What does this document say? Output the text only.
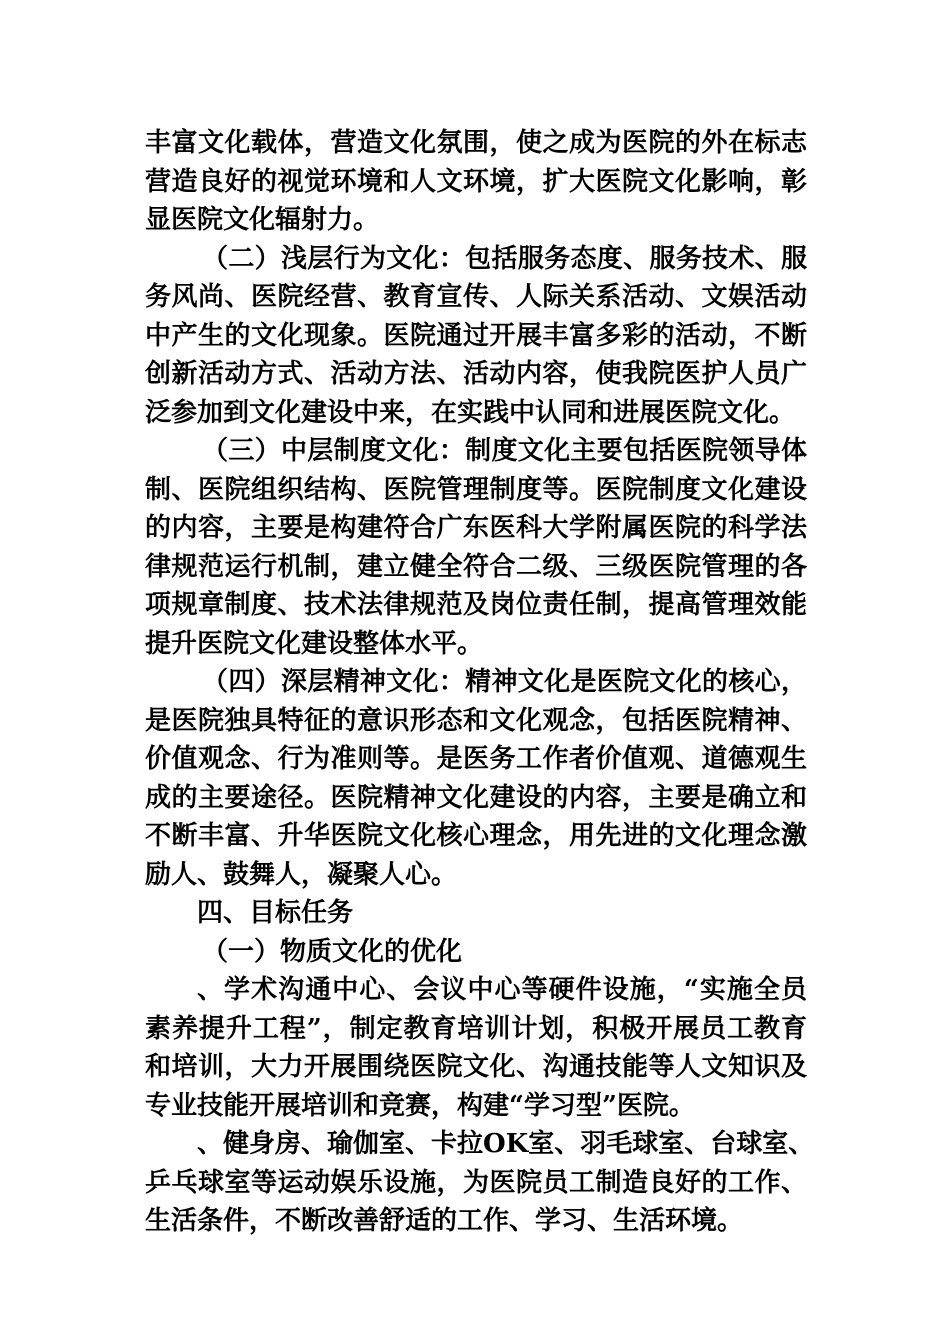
丰富文化载体，营造文化氛围，使之成为医院的外在标志
营造良好的视觉环境和人文环境，扩大医院文化影响，彰
显医院文化辐射力。
（二）浅层行为文化：包括服务态度、服务技术、服
务风尚、医院经营、教育宣传、人际关系活动、文娱活动
中产生的文化现象。医院通过开展丰富多彩的活动，不断
创新活动方式、活动方法、活动内容，使我院医护人员广
泛参加到文化建设中来，在实践中认同和进展医院文化。
（三）中层制度文化：制度文化主要包括医院领导体
制、医院组织结构、医院管理制度等。医院制度文化建设
的内容，主要是构建符合广东医科大学附属医院的科学法
律规范运行机制，建立健全符合二级、三级医院管理的各
项规章制度、技术法律规范及岗位责任制，提高管理效能
提升医院文化建设整体水平。
（四）深层精神文化：精神文化是医院文化的核心，
是医院独具特征的意识形态和文化观念，包括医院精神、
价值观念、行为准则等。是医务工作者价值观、道德观生
成的主要途径。医院精神文化建设的内容，主要是确立和
不断丰富、升华医院文化核心理念，用先进的文化理念激
励人、鼓舞人，凝聚人心。
四、目标任务
（一）物质文化的优化
、学术沟通中心、会议中心等硬件设施，“实施全员
素养提升工程”，制定教育培训计划，积极开展员工教育
和培训，大力开展围绕医院文化、沟通技能等人文知识及
专业技能开展培训和竞赛，构建“学习型”医院。
、健身房、瑜伽室、卡拉OK室、羽毛球室、台球室、
乒乓球室等运动娱乐设施，为医院员工制造良好的工作、
生活条件，不断改善舒适的工作、学习、生活环境。
